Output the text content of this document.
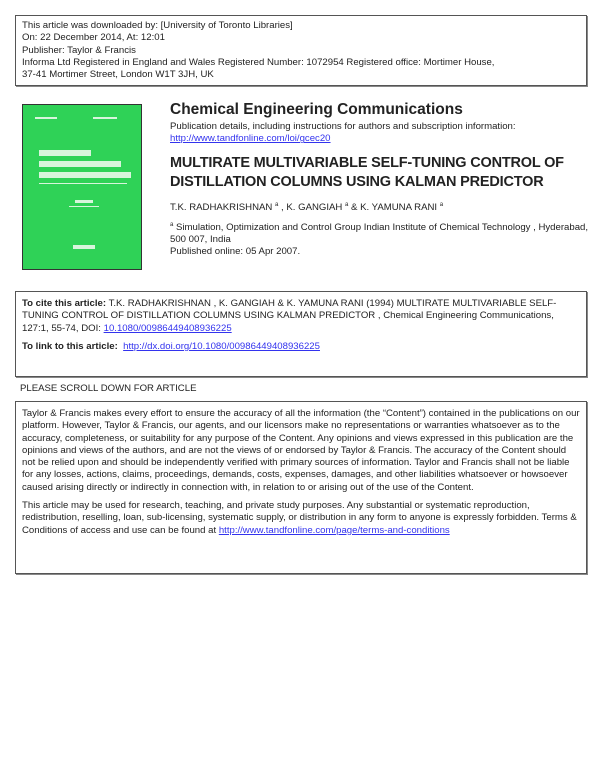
This article was downloaded by: [University of Toronto Libraries]
On: 22 December 2014, At: 12:01
Publisher: Taylor & Francis
Informa Ltd Registered in England and Wales Registered Number: 1072954 Registered office: Mortimer House,
37-41 Mortimer Street, London W1T 3JH, UK
Chemical Engineering Communications
Publication details, including instructions for authors and subscription information:
http://www.tandfonline.com/loi/gcec20
MULTIRATE MULTIVARIABLE SELF-TUNING CONTROL OF DISTILLATION COLUMNS USING KALMAN PREDICTOR
T.K. RADHAKRISHNAN $^a$ , K. GANGIAH $^a$ & K. YAMUNA RANI $^a$
$^a$ Simulation, Optimization and Control Group Indian Institute of Chemical Technology , Hyderabad, 500 007, India
Published online: 05 Apr 2007.

To cite this article: T.K. RADHAKRISHNAN , K. GANGIAH & K. YAMUNA RANI (1994) MULTIRATE MULTIVARIABLE SELF-TUNING CONTROL OF DISTILLATION COLUMNS USING KALMAN PREDICTOR , Chemical Engineering Communications, 127:1, 55-74, DOI: 10.1080/00986449408936225

To link to this article: http://dx.doi.org/10.1080/00986449408936225

PLEASE SCROLL DOWN FOR ARTICLE

Taylor & Francis makes every effort to ensure the accuracy of all the information (the “Content”) contained in the publications on our platform. However, Taylor & Francis, our agents, and our licensors make no representations or warranties whatsoever as to the accuracy, completeness, or suitability for any purpose of the Content. Any opinions and views expressed in this publication are the opinions and views of the authors, and are not the views of or endorsed by Taylor & Francis. The accuracy of the Content should not be relied upon and should be independently verified with primary sources of information. Taylor and Francis shall not be liable for any losses, actions, claims, proceedings, demands, costs, expenses, damages, and other liabilities whatsoever or howsoever caused arising directly or indirectly in connection with, in relation to or arising out of the use of the Content.

This article may be used for research, teaching, and private study purposes. Any substantial or systematic reproduction, redistribution, reselling, loan, sub-licensing, systematic supply, or distribution in any form to anyone is expressly forbidden. Terms & Conditions of access and use can be found at http://www.tandfonline.com/page/terms-and-conditions
